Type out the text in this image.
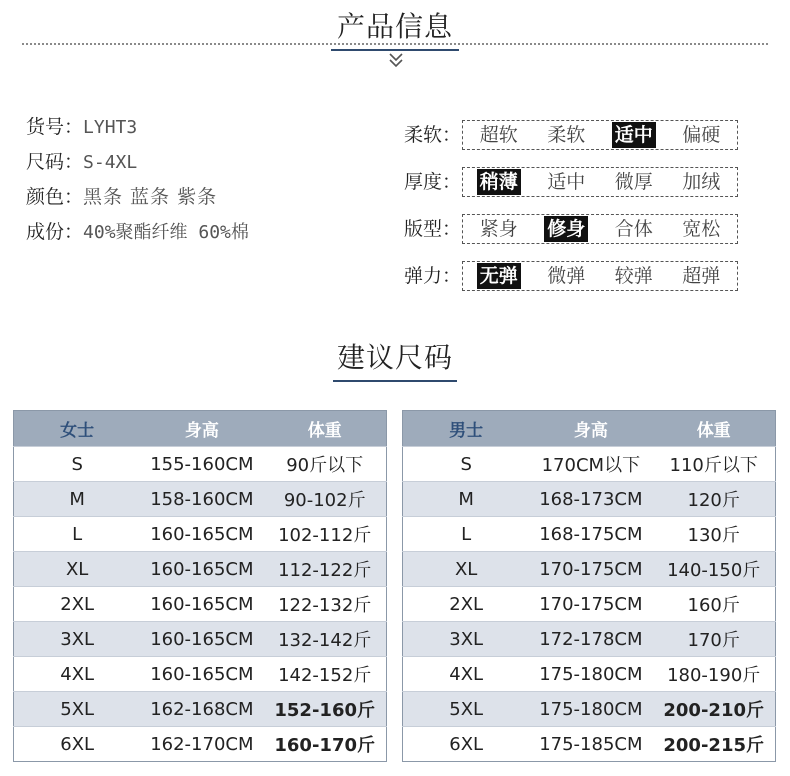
产品信息
货号：LYHT3
尺码：S-4XL
颜色：黑条 蓝条 紫条
成份：40%聚酯纤维 60%棉
柔软： 超软 柔软 适中 偏硬
厚度： 稍薄 适中 微厚 加绒
版型： 紧身 修身 合体 宽松
弹力： 无弹 微弹 较弹 超弹
建议尺码
女士	身高	体重
S	155-160CM	90斤以下
M	158-160CM	90-102斤
L	160-165CM	102-112斤
XL	160-165CM	112-122斤
2XL	160-165CM	122-132斤
3XL	160-165CM	132-142斤
4XL	160-165CM	142-152斤
5XL	162-168CM	152-160斤
6XL	162-170CM	160-170斤
男士	身高	体重
S	170CM以下	110斤以下
M	168-173CM	120斤
L	168-175CM	130斤
XL	170-175CM	140-150斤
2XL	170-175CM	160斤
3XL	172-178CM	170斤
4XL	175-180CM	180-190斤
5XL	175-180CM	200-210斤
6XL	175-185CM	200-215斤
